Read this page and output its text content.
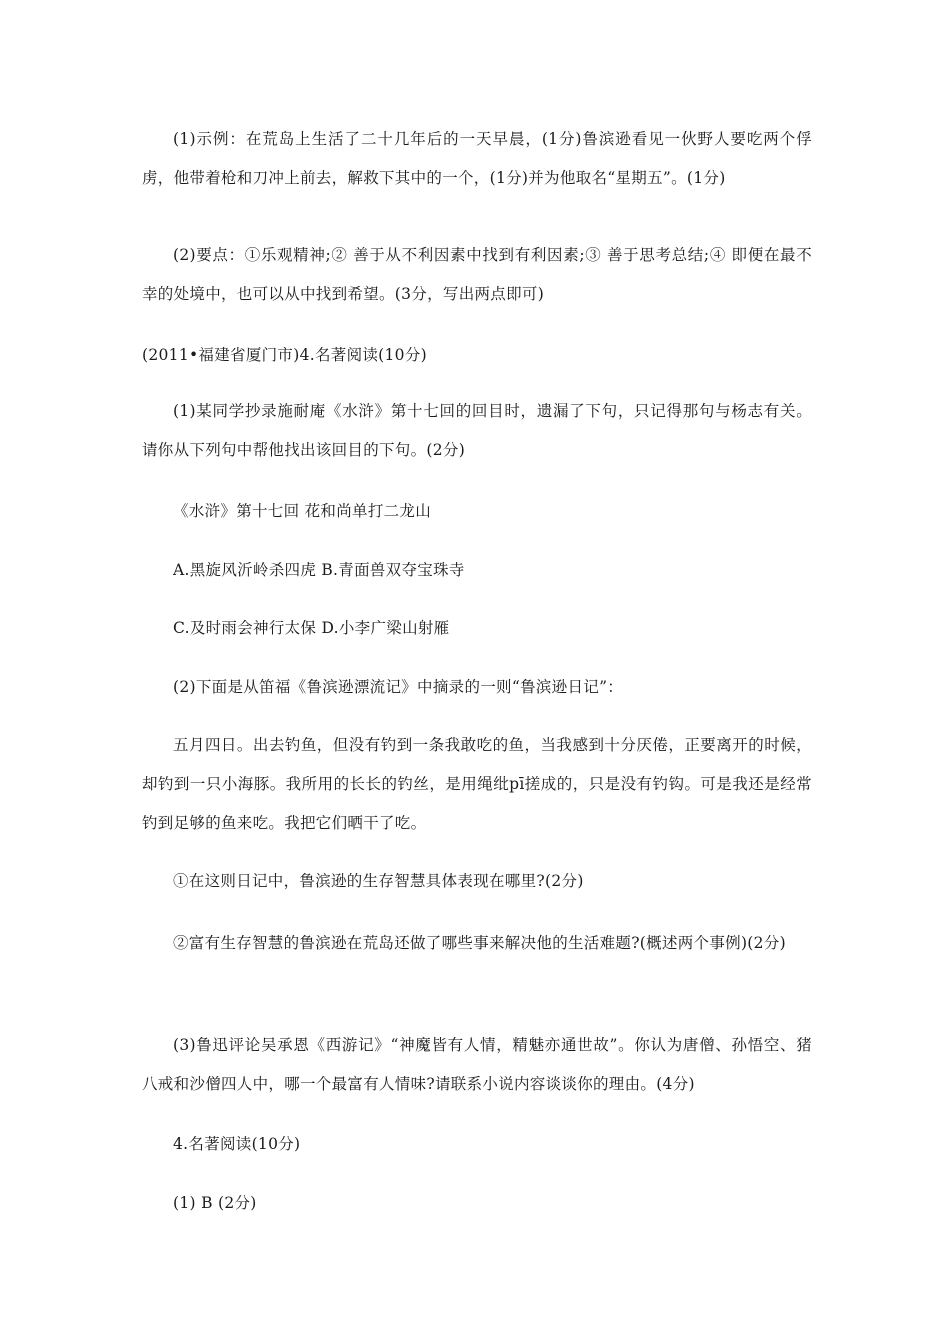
(1)示例：在荒岛上生活了二十几年后的一天早晨，(1分)鲁滨逊看见一伙野人要吃两个俘虏，他带着枪和刀冲上前去，解救下其中的一个，(1分)并为他取名“星期五”。(1分)

(2)要点：①乐观精神;② 善于从不利因素中找到有利因素;③ 善于思考总结;④ 即便在最不幸的处境中，也可以从中找到希望。(3分，写出两点即可)

(2011•福建省厦门市)4.名著阅读(10分)

(1)某同学抄录施耐庵《水浒》第十七回的回目时，遗漏了下句，只记得那句与杨志有关。请你从下列句中帮他找出该回目的下句。(2分)

《水浒》第十七回 花和尚单打二龙山

A.黑旋风沂岭杀四虎 B.青面兽双夺宝珠寺

C.及时雨会神行太保 D.小李广梁山射雁

(2)下面是从笛福《鲁滨逊漂流记》中摘录的一则“鲁滨逊日记”：

五月四日。出去钓鱼，但没有钓到一条我敢吃的鱼，当我感到十分厌倦，正要离开的时候，却钓到一只小海豚。我所用的长长的钓丝，是用绳纰pī搓成的，只是没有钓钩。可是我还是经常钓到足够的鱼来吃。我把它们晒干了吃。

①在这则日记中，鲁滨逊的生存智慧具体表现在哪里?(2分)

②富有生存智慧的鲁滨逊在荒岛还做了哪些事来解决他的生活难题?(概述两个事例)(2分)

(3)鲁迅评论吴承恩《西游记》“神魔皆有人情，精魅亦通世故”。你认为唐僧、孙悟空、猪八戒和沙僧四人中，哪一个最富有人情味?请联系小说内容谈谈你的理由。(4分)

4.名著阅读(10分)

(1) B (2分)
